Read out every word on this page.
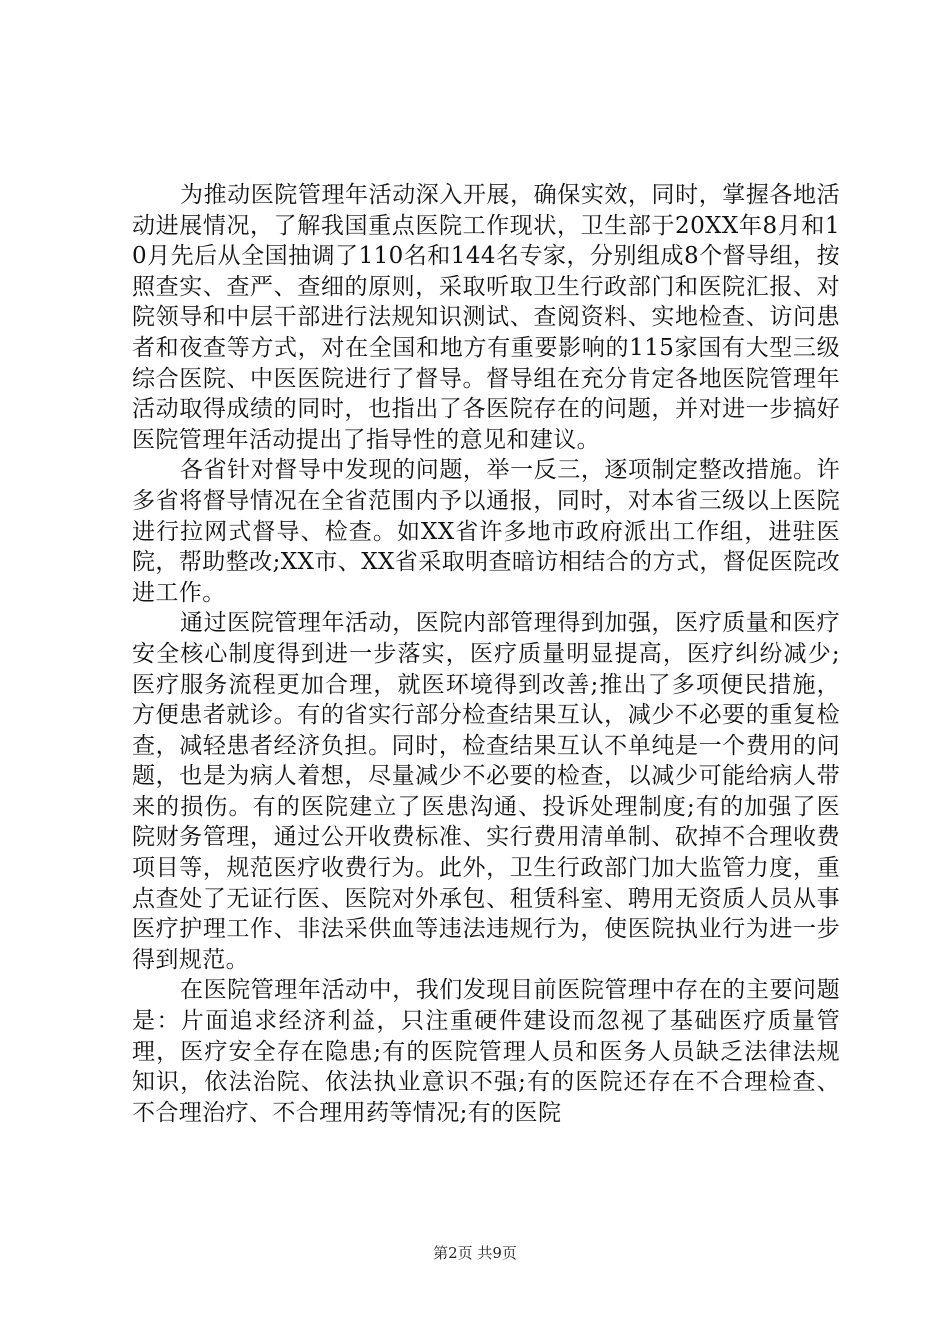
为推动医院管理年活动深入开展，确保实效，同时，掌握各地活动进展情况，了解我国重点医院工作现状，卫生部于20XX年8月和10月先后从全国抽调了110名和144名专家，分别组成8个督导组，按照查实、查严、查细的原则，采取听取卫生行政部门和医院汇报、对院领导和中层干部进行法规知识测试、查阅资料、实地检查、访问患者和夜查等方式，对在全国和地方有重要影响的115家国有大型三级综合医院、中医医院进行了督导。督导组在充分肯定各地医院管理年活动取得成绩的同时，也指出了各医院存在的问题，并对进一步搞好医院管理年活动提出了指导性的意见和建议。

各省针对督导中发现的问题，举一反三，逐项制定整改措施。许多省将督导情况在全省范围内予以通报，同时，对本省三级以上医院进行拉网式督导、检查。如XX省许多地市政府派出工作组，进驻医院，帮助整改;XX市、XX省采取明查暗访相结合的方式，督促医院改进工作。

通过医院管理年活动，医院内部管理得到加强，医疗质量和医疗安全核心制度得到进一步落实，医疗质量明显提高，医疗纠纷减少;医疗服务流程更加合理，就医环境得到改善;推出了多项便民措施，方便患者就诊。有的省实行部分检查结果互认，减少不必要的重复检查，减轻患者经济负担。同时，检查结果互认不单纯是一个费用的问题，也是为病人着想，尽量减少不必要的检查，以减少可能给病人带来的损伤。有的医院建立了医患沟通、投诉处理制度;有的加强了医院财务管理，通过公开收费标准、实行费用清单制、砍掉不合理收费项目等，规范医疗收费行为。此外，卫生行政部门加大监管力度，重点查处了无证行医、医院对外承包、租赁科室、聘用无资质人员从事医疗护理工作、非法采供血等违法违规行为，使医院执业行为进一步得到规范。

在医院管理年活动中，我们发现目前医院管理中存在的主要问题是：片面追求经济利益，只注重硬件建设而忽视了基础医疗质量管理，医疗安全存在隐患;有的医院管理人员和医务人员缺乏法律法规知识，依法治院、依法执业意识不强;有的医院还存在不合理检查、不合理治疗、不合理用药等情况;有的医院

第2页 共9页
